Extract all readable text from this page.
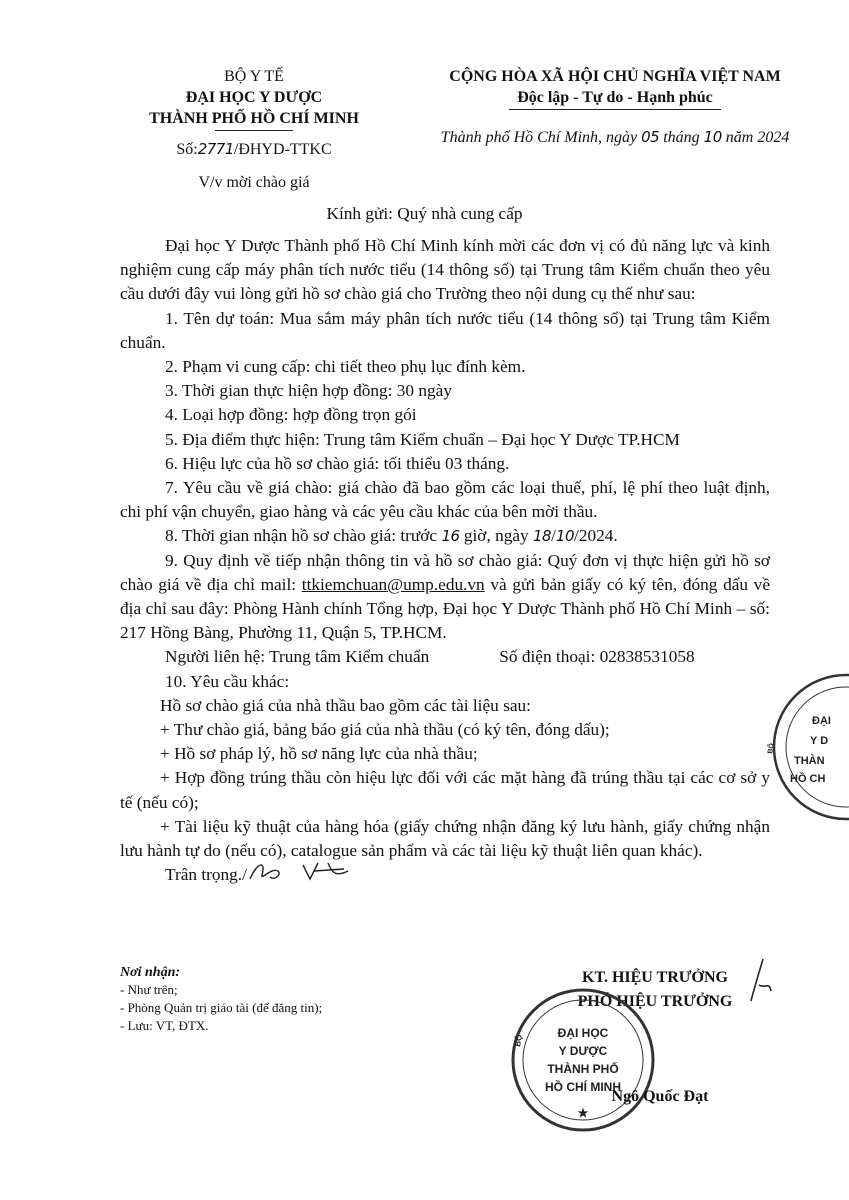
BỘ Y TẾ
ĐẠI HỌC Y DƯỢC
THÀNH PHỐ HỒ CHÍ MINH
Số:2771/ĐHYD-TTKC
V/v mời chào giá
CỘNG HÒA XÃ HỘI CHỦ NGHĨA VIỆT NAM
Độc lập - Tự do - Hạnh phúc
Thành phố Hồ Chí Minh, ngày 05 tháng 10 năm 2024
Kính gửi: Quý nhà cung cấp

Đại học Y Dược Thành phố Hồ Chí Minh kính mời các đơn vị có đủ năng lực và kinh nghiệm cung cấp máy phân tích nước tiểu (14 thông số) tại Trung tâm Kiểm chuẩn theo yêu cầu dưới đây vui lòng gửi hồ sơ chào giá cho Trường theo nội dung cụ thể như sau:

1. Tên dự toán: Mua sắm máy phân tích nước tiểu (14 thông số) tại Trung tâm Kiểm chuẩn.

2. Phạm vi cung cấp: chi tiết theo phụ lục đính kèm.

3. Thời gian thực hiện hợp đồng: 30 ngày

4. Loại hợp đồng: hợp đồng trọn gói

5. Địa điểm thực hiện: Trung tâm Kiểm chuẩn – Đại học Y Dược TP.HCM

6. Hiệu lực của hồ sơ chào giá: tối thiểu 03 tháng.

7. Yêu cầu về giá chào: giá chào đã bao gồm các loại thuế, phí, lệ phí theo luật định, chi phí vận chuyển, giao hàng và các yêu cầu khác của bên mời thầu.

8. Thời gian nhận hồ sơ chào giá: trước 16 giờ, ngày 18/10/2024.

9. Quy định về tiếp nhận thông tin và hồ sơ chào giá: Quý đơn vị thực hiện gửi hồ sơ chào giá về địa chỉ mail: ttkiemchuan@ump.edu.vn và gửi bản giấy có ký tên, đóng dấu về địa chỉ sau đây: Phòng Hành chính Tổng hợp, Đại học Y Dược Thành phố Hồ Chí Minh – số: 217 Hồng Bàng, Phường 11, Quận 5, TP.HCM.

Người liên hệ: Trung tâm Kiểm chuẩn	Số điện thoại: 02838531058

10. Yêu cầu khác:

Hồ sơ chào giá của nhà thầu bao gồm các tài liệu sau:

+ Thư chào giá, bảng báo giá của nhà thầu (có ký tên, đóng dấu);

+ Hồ sơ pháp lý, hồ sơ năng lực của nhà thầu;

+ Hợp đồng trúng thầu còn hiệu lực đối với các mặt hàng đã trúng thầu tại các cơ sở y tế (nếu có);

+ Tài liệu kỹ thuật của hàng hóa (giấy chứng nhận đăng ký lưu hành, giấy chứng nhận lưu hành tự do (nếu có), catalogue sản phẩm và các tài liệu kỹ thuật liên quan khác).

Trân trọng./

Nơi nhận:
- Như trên;
- Phòng Quản trị giáo tài (để đăng tin);
- Lưu: VT, ĐTX.
ĐẠI
Y D
THÀN
HỒ CH
BỘ
KT. HIỆU TRƯỞNG
PHÓ HIỆU TRƯỞNG
ĐẠI HỌC
Y DƯỢC
THÀNH PHỐ
HỒ CHÍ MINH
BỘ
★
Ngô Quốc Đạt
